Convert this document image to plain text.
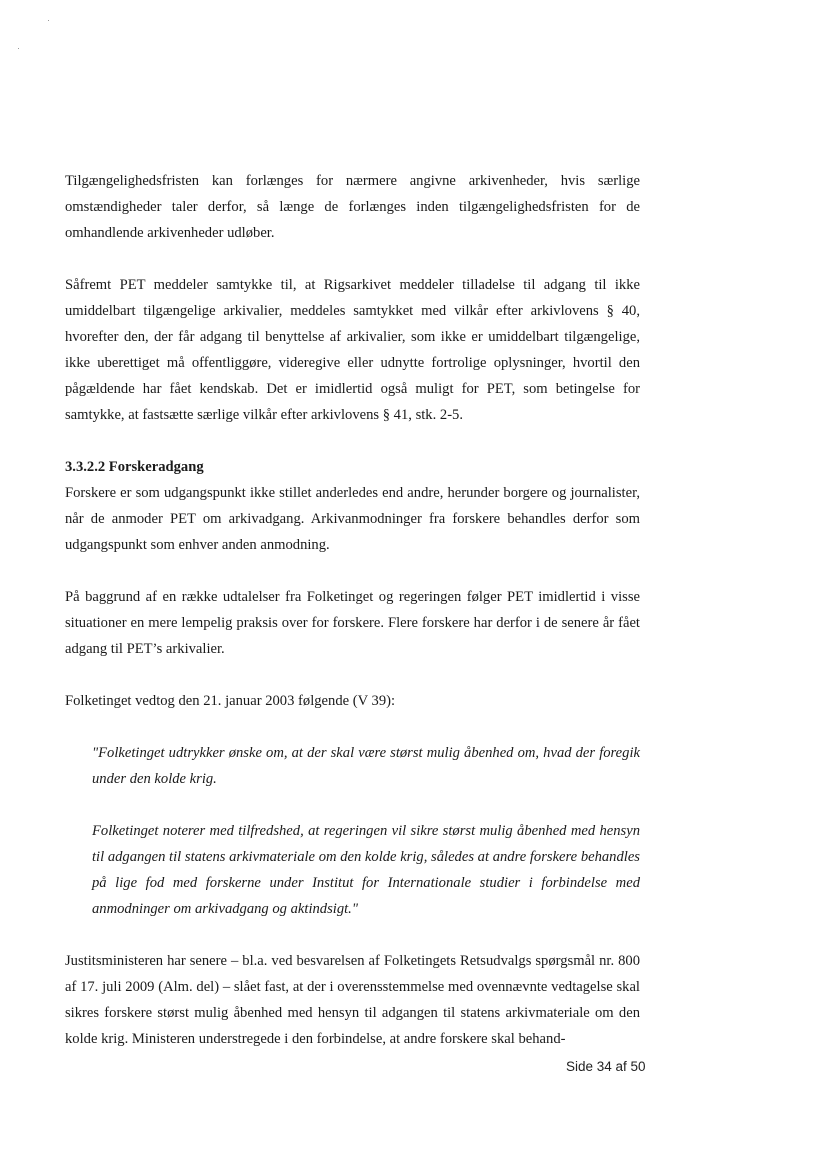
Tilgængelighedsfristen kan forlænges for nærmere angivne arkivenheder, hvis særlige omstændigheder taler derfor, så længe de forlænges inden tilgængelighedsfristen for de omhandlende arkivenheder udløber.

Såfremt PET meddeler samtykke til, at Rigsarkivet meddeler tilladelse til adgang til ikke umiddelbart tilgængelige arkivalier, meddeles samtykket med vilkår efter arkivlovens § 40, hvorefter den, der får adgang til benyttelse af arkivalier, som ikke er umiddelbart tilgængelige, ikke uberettiget må offentliggøre, videregive eller udnytte fortrolige oplysninger, hvortil den pågældende har fået kendskab. Det er imidlertid også muligt for PET, som betingelse for samtykke, at fastsætte særlige vilkår efter arkivlovens § 41, stk. 2-5.

3.3.2.2 Forskeradgang

Forskere er som udgangspunkt ikke stillet anderledes end andre, herunder borgere og journalister, når de anmoder PET om arkivadgang. Arkivanmodninger fra forskere behandles derfor som udgangspunkt som enhver anden anmodning.

På baggrund af en række udtalelser fra Folketinget og regeringen følger PET imidlertid i visse situationer en mere lempelig praksis over for forskere. Flere forskere har derfor i de senere år fået adgang til PET’s arkivalier.

Folketinget vedtog den 21. januar 2003 følgende (V 39):

"Folketinget udtrykker ønske om, at der skal være størst mulig åbenhed om, hvad der foregik under den kolde krig.

Folketinget noterer med tilfredshed, at regeringen vil sikre størst mulig åbenhed med hensyn til adgangen til statens arkivmateriale om den kolde krig, således at andre forskere behandles på lige fod med forskerne under Institut for Internationale studier i forbindelse med anmodninger om arkivadgang og aktindsigt."

Justitsministeren har senere – bl.a. ved besvarelsen af Folketingets Retsudvalgs spørgsmål nr. 800 af 17. juli 2009 (Alm. del) – slået fast, at der i overensstemmelse med ovennævnte vedtagelse skal sikres forskere størst mulig åbenhed med hensyn til adgangen til statens arkivmateriale om den kolde krig. Ministeren understregede i den forbindelse, at andre forskere skal behand-

Side 34 af 50
